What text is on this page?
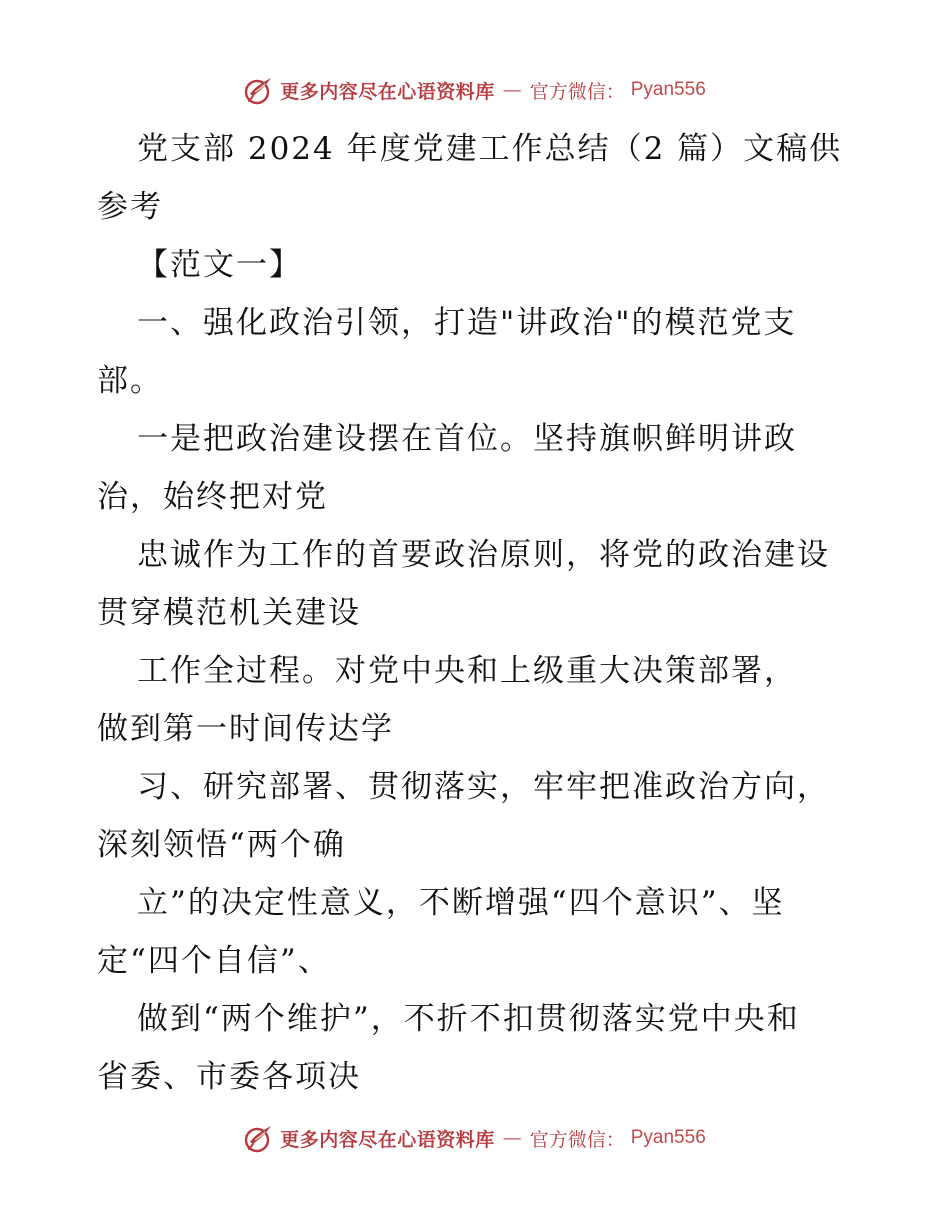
更多内容尽在心语资料库 — 官方微信： Pyan556
党支部 2024 年度党建工作总结（2 篇）文稿供
参考
【范文一】
一、强化政治引领，打造"讲政治"的模范党支
部。
一是把政治建设摆在首位。坚持旗帜鲜明讲政
治，始终把对党
忠诚作为工作的首要政治原则，将党的政治建设
贯穿模范机关建设
工作全过程。对党中央和上级重大决策部署，
做到第一时间传达学
习、研究部署、贯彻落实，牢牢把准政治方向，
深刻领悟“两个确
立”的决定性意义，不断增强“四个意识”、坚
定“四个自信”、
做到“两个维护”，不折不扣贯彻落实党中央和
省委、市委各项决
更多内容尽在心语资料库 — 官方微信： Pyan556
